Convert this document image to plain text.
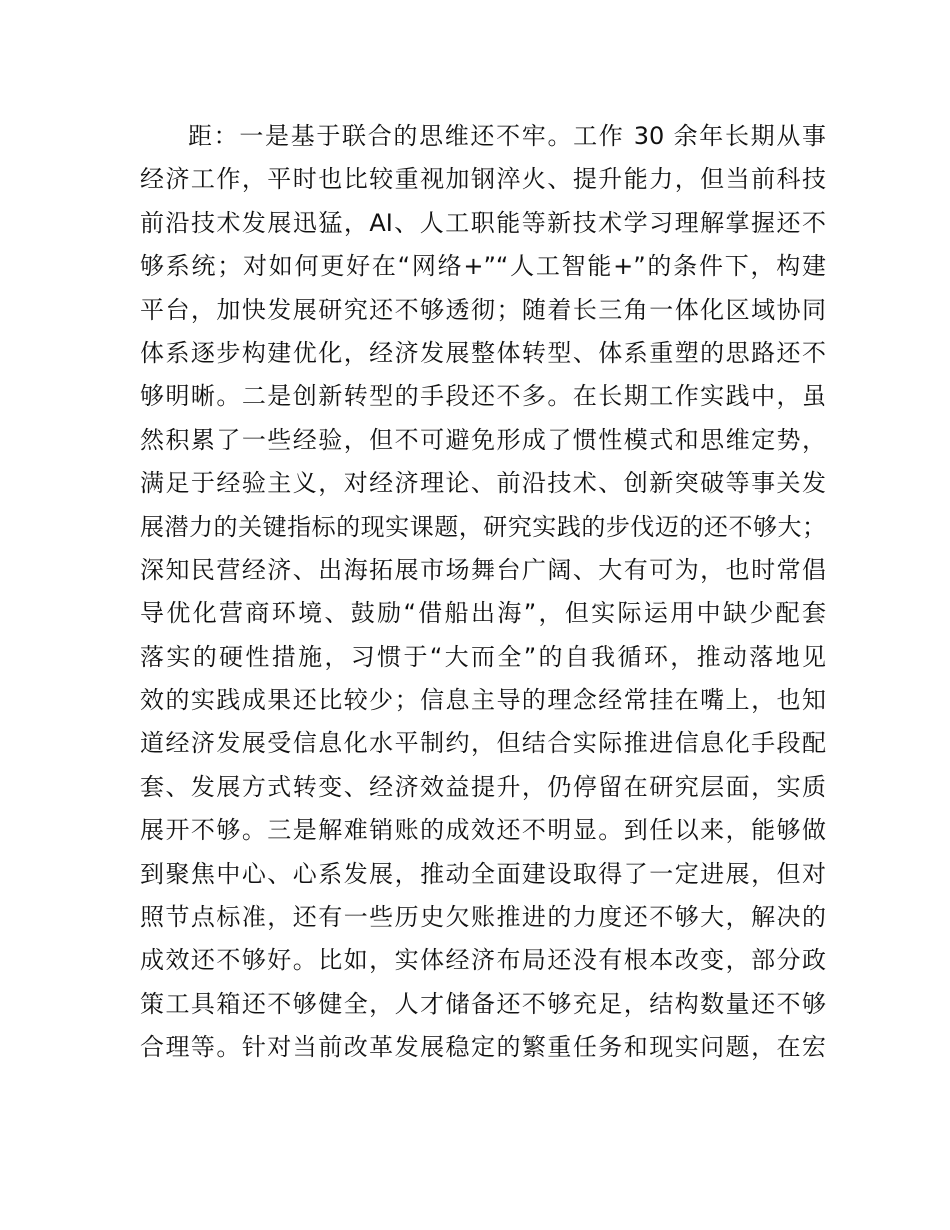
距：一是基于联合的思维还不牢。工作 30 余年长期从事
经济工作，平时也比较重视加钢淬火、提升能力，但当前科技
前沿技术发展迅猛，AI、人工职能等新技术学习理解掌握还不
够系统；对如何更好在“网络+”“人工智能+”的条件下，构建
平台，加快发展研究还不够透彻；随着长三角一体化区域协同
体系逐步构建优化，经济发展整体转型、体系重塑的思路还不
够明晰。二是创新转型的手段还不多。在长期工作实践中，虽
然积累了一些经验，但不可避免形成了惯性模式和思维定势，
满足于经验主义，对经济理论、前沿技术、创新突破等事关发
展潜力的关键指标的现实课题，研究实践的步伐迈的还不够大；
深知民营经济、出海拓展市场舞台广阔、大有可为，也时常倡
导优化营商环境、鼓励“借船出海”，但实际运用中缺少配套
落实的硬性措施，习惯于“大而全”的自我循环，推动落地见
效的实践成果还比较少；信息主导的理念经常挂在嘴上，也知
道经济发展受信息化水平制约，但结合实际推进信息化手段配
套、发展方式转变、经济效益提升，仍停留在研究层面，实质
展开不够。三是解难销账的成效还不明显。到任以来，能够做
到聚焦中心、心系发展，推动全面建设取得了一定进展，但对
照节点标准，还有一些历史欠账推进的力度还不够大，解决的
成效还不够好。比如，实体经济布局还没有根本改变，部分政
策工具箱还不够健全，人才储备还不够充足，结构数量还不够
合理等。针对当前改革发展稳定的繁重任务和现实问题，在宏
